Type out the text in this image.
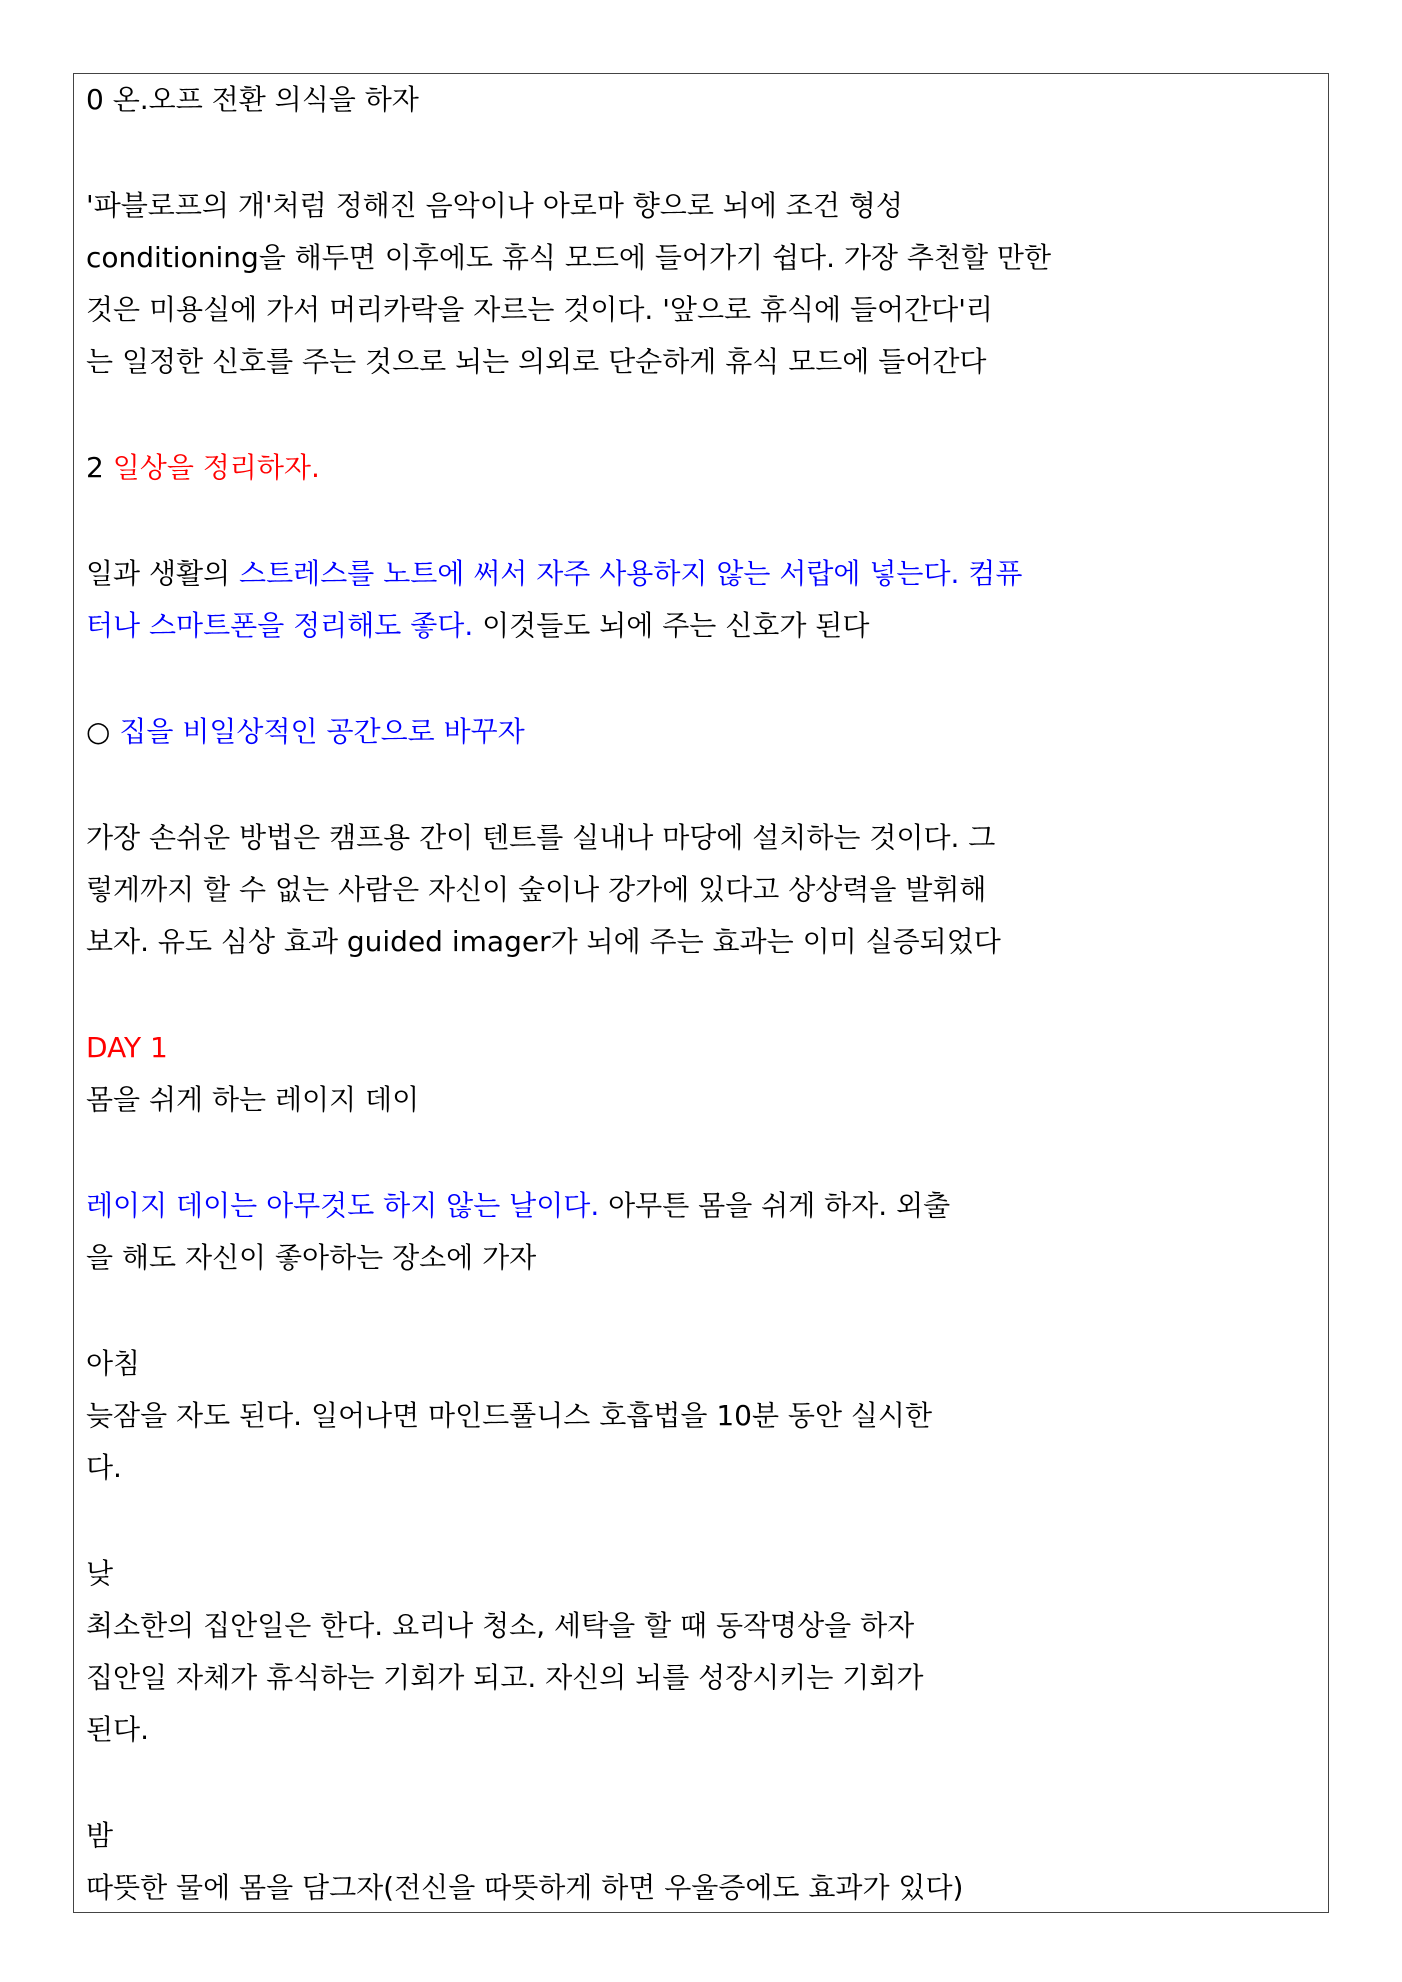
0 온.오프 전환 의식을 하자
'파블로프의 개'처럼 정해진 음악이나 아로마 향으로 뇌에 조건 형성
conditioning을 해두면 이후에도 휴식 모드에 들어가기 쉽다. 가장 추천할 만한
것은 미용실에 가서 머리카락을 자르는 것이다. '앞으로 휴식에 들어간다'리
는 일정한 신호를 주는 것으로 뇌는 의외로 단순하게 휴식 모드에 들어간다
2 일상을 정리하자.
일과 생활의 스트레스를 노트에 써서 자주 사용하지 않는 서랍에 넣는다. 컴퓨
터나 스마트폰을 정리해도 좋다. 이것들도 뇌에 주는 신호가 된다
○ 집을 비일상적인 공간으로 바꾸자
가장 손쉬운 방법은 캠프용 간이 텐트를 실내나 마당에 설치하는 것이다. 그
렇게까지 할 수 없는 사람은 자신이 숲이나 강가에 있다고 상상력을 발휘해
보자. 유도 심상 효과 guided imager가 뇌에 주는 효과는 이미 실증되었다
DAY 1
몸을 쉬게 하는 레이지 데이
레이지 데이는 아무것도 하지 않는 날이다. 아무튼 몸을 쉬게 하자. 외출
을 해도 자신이 좋아하는 장소에 가자
아침
늦잠을 자도 된다. 일어나면 마인드풀니스 호흡법을 10분 동안 실시한
다.
낮
최소한의 집안일은 한다. 요리나 청소, 세탁을 할 때 동작명상을 하자
집안일 자체가 휴식하는 기회가 되고. 자신의 뇌를 성장시키는 기회가
된다.
밤
따뜻한 물에 몸을 담그자(전신을 따뜻하게 하면 우울증에도 효과가 있다)
